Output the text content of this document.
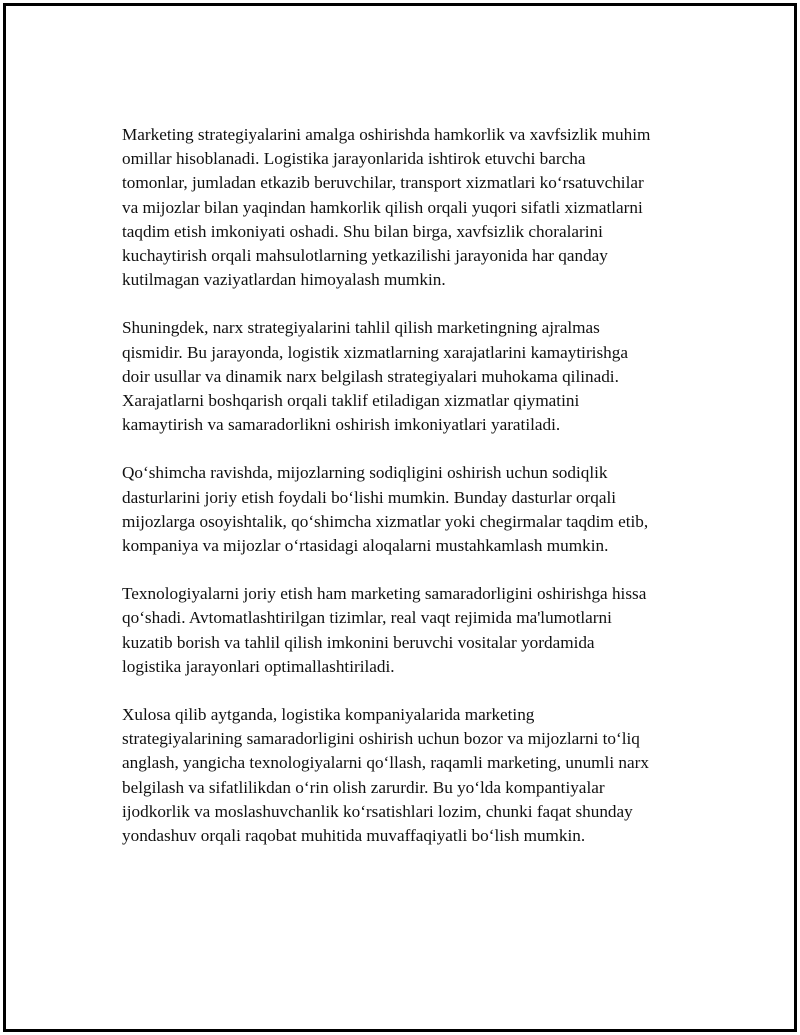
Marketing strategiyalarini amalga oshirishda hamkorlik va xavfsizlik muhim
omillar hisoblanadi. Logistika jarayonlarida ishtirok etuvchi barcha
tomonlar, jumladan etkazib beruvchilar, transport xizmatlari koʻrsatuvchilar
va mijozlar bilan yaqindan hamkorlik qilish orqali yuqori sifatli xizmatlarni
taqdim etish imkoniyati oshadi. Shu bilan birga, xavfsizlik choralarini
kuchaytirish orqali mahsulotlarning yetkazilishi jarayonida har qanday
kutilmagan vaziyatlardan himoyalash mumkin.

Shuningdek, narx strategiyalarini tahlil qilish marketingning ajralmas
qismidir. Bu jarayonda, logistik xizmatlarning xarajatlarini kamaytirishga
doir usullar va dinamik narx belgilash strategiyalari muhokama qilinadi.
Xarajatlarni boshqarish orqali taklif etiladigan xizmatlar qiymatini
kamaytirish va samaradorlikni oshirish imkoniyatlari yaratiladi.

Qoʻshimcha ravishda, mijozlarning sodiqligini oshirish uchun sodiqlik
dasturlarini joriy etish foydali boʻlishi mumkin. Bunday dasturlar orqali
mijozlarga osoyishtalik, qoʻshimcha xizmatlar yoki chegirmalar taqdim etib,
kompaniya va mijozlar oʻrtasidagi aloqalarni mustahkamlash mumkin.

Texnologiyalarni joriy etish ham marketing samaradorligini oshirishga hissa
qoʻshadi. Avtomatlashtirilgan tizimlar, real vaqt rejimida ma'lumotlarni
kuzatib borish va tahlil qilish imkonini beruvchi vositalar yordamida
logistika jarayonlari optimallashtiriladi.

Xulosa qilib aytganda, logistika kompaniyalarida marketing
strategiyalarining samaradorligini oshirish uchun bozor va mijozlarni toʻliq
anglash, yangicha texnologiyalarni qoʻllash, raqamli marketing, unumli narx
belgilash va sifatlilikdan oʻrin olish zarurdir. Bu yoʻlda kompantiyalar
ijodkorlik va moslashuvchanlik koʻrsatishlari lozim, chunki faqat shunday
yondashuv orqali raqobat muhitida muvaffaqiyatli boʻlish mumkin.
